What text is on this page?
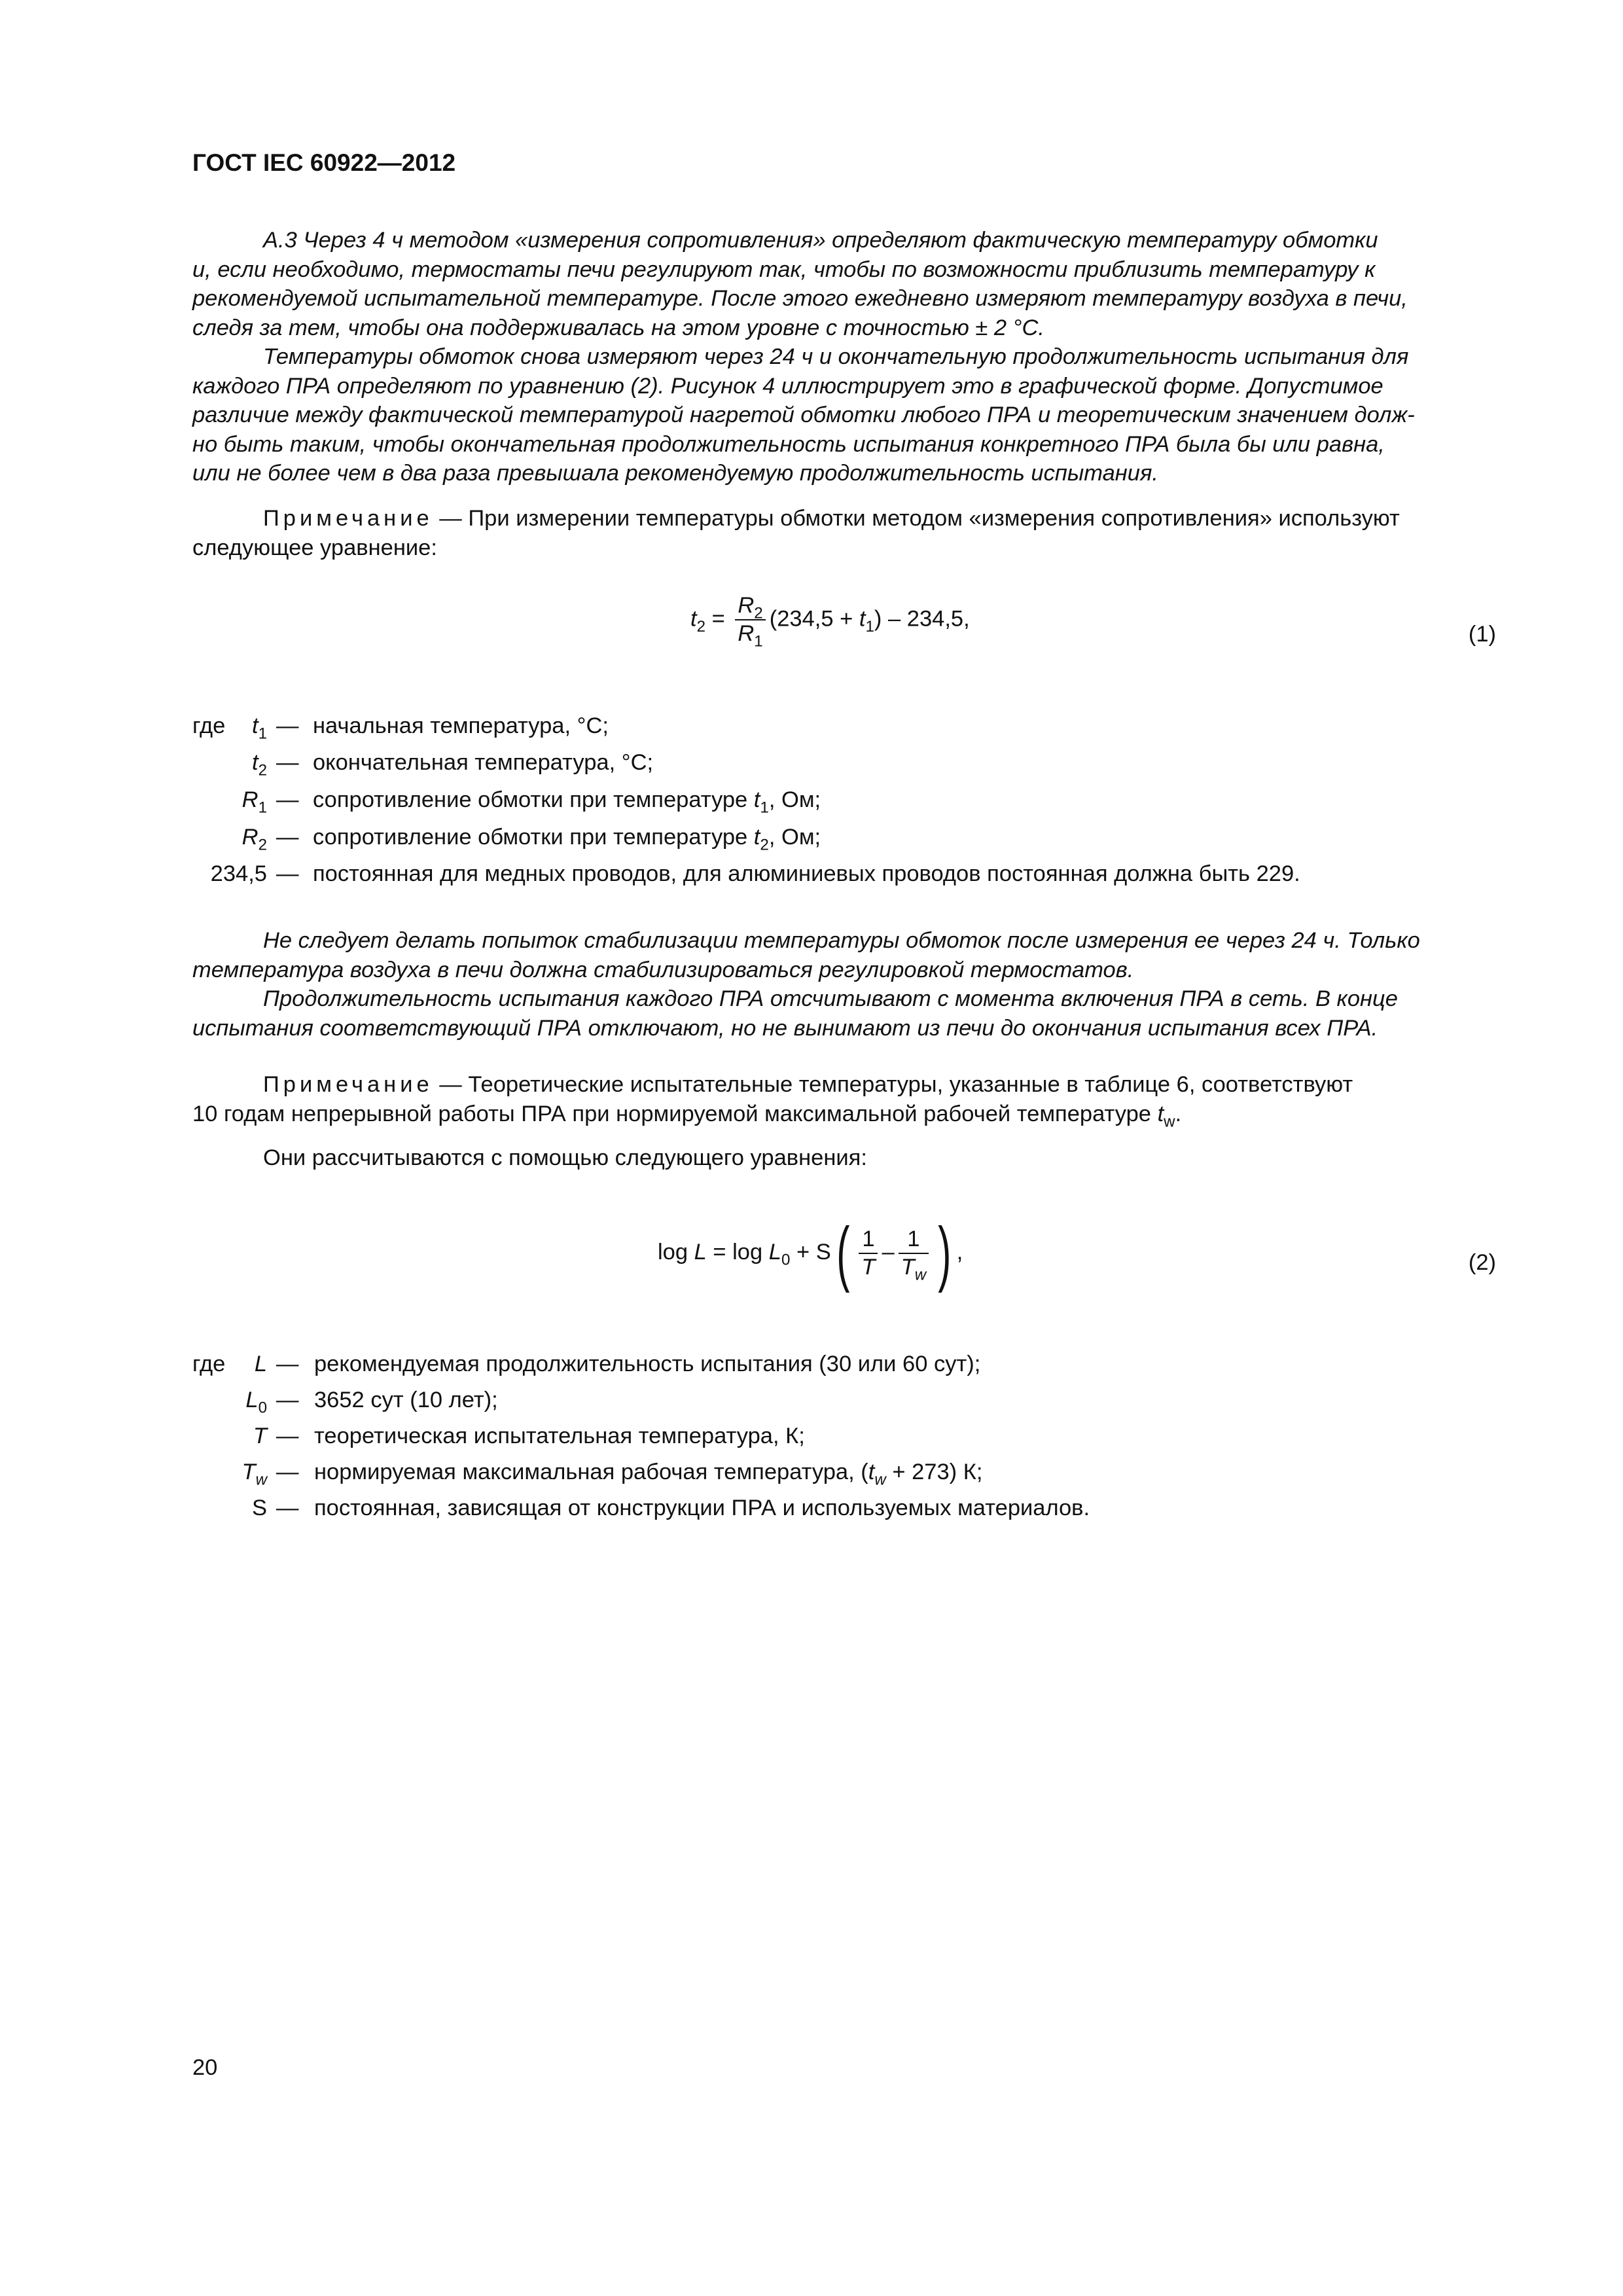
ГОСТ IEC 60922—2012
A.3 Через 4 ч методом «измерения сопротивления» определяют фактическую температуру обмотки
и, если необходимо, термостаты печи регулируют так, чтобы по возможности приблизить температуру к
рекомендуемой испытательной температуре. После этого ежедневно измеряют температуру воздуха в печи,
следя за тем, чтобы она поддерживалась на этом уровне с точностью ± 2 °С.
Температуры обмоток снова измеряют через 24 ч и окончательную продолжительность испытания для
каждого ПРА определяют по уравнению (2). Рисунок 4 иллюстрирует это в графической форме. Допустимое
различие между фактической температурой нагретой обмотки любого ПРА и теоретическим значением долж-
но быть таким, чтобы окончательная продолжительность испытания конкретного ПРА была бы или равна,
или не более чем в два раза превышала рекомендуемую продолжительность испытания.
Примечание — При измерении температуры обмотки методом «измерения сопротивления» используют
следующее уравнение:
$t_2 = \frac{R_2}{R_1} (234,5 + t_1) - 234,5$,
(1)
где	$t_1$ — начальная температура, °С;
$t_2$ — окончательная температура, °С;
$R_1$ — сопротивление обмотки при температуре $t_1$, Ом;
$R_2$ — сопротивление обмотки при температуре $t_2$, Ом;
234,5 — постоянная для медных проводов, для алюминиевых проводов постоянная должна быть 229.
Не следует делать попыток стабилизации температуры обмоток после измерения ее через 24 ч. Только
температура воздуха в печи должна стабилизироваться регулировкой термостатов.
Продолжительность испытания каждого ПРА отсчитывают с момента включения ПРА в сеть. В конце
испытания соответствующий ПРА отключают, но не вынимают из печи до окончания испытания всех ПРА.
Примечание — Теоретические испытательные температуры, указанные в таблице 6, соответствуют
10 годам непрерывной работы ПРА при нормируемой максимальной рабочей температуре $t_w$.
Они рассчитываются с помощью следующего уравнения:
$\log L = \log L_0 + S( \frac{1}{T} - \frac{1}{T_w}$ ) ,	(2)
где	L — рекомендуемая продолжительность испытания (30 или 60 сут);
$L_0$ — 3652 сут (10 лет);
T — теоретическая испытательная температура, К;
$T_w$ — нормируемая максимальная рабочая температура, $(t_w + 273)$ К;
S — постоянная, зависящая от конструкции ПРА и используемых материалов.
20
